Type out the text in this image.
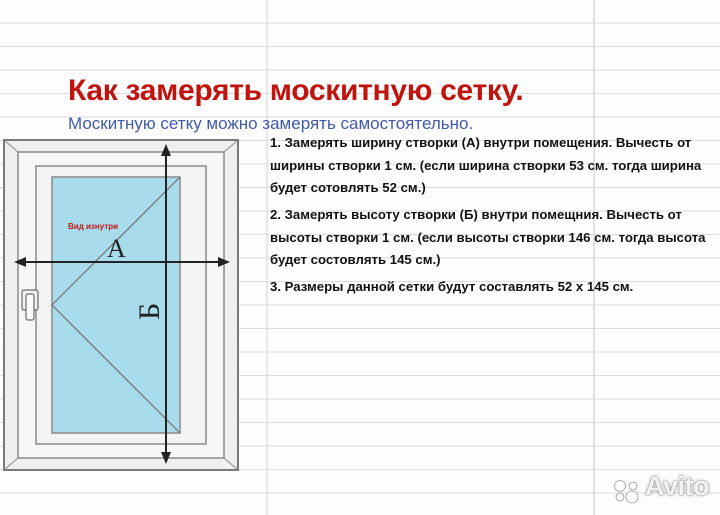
Как замерять москитную сетку.
Москитную сетку можно замерять самостоятельно.

1. Замерять ширину створки (А) внутри помещения. Вычесть от ширины створки 1 см. (если ширина створки 53 см. тогда ширина будет сотовлять 52 см.)

2. Замерять высоту створки (Б) внутри помещния. Вычесть от высоты створки 1 см. (если высоты створки 146 см. тогда высота будет состовлять 145 см.)

3. Размеры данной сетки будут составлять 52 х 145 см.

Вид изнутри
А
Б
Avito
